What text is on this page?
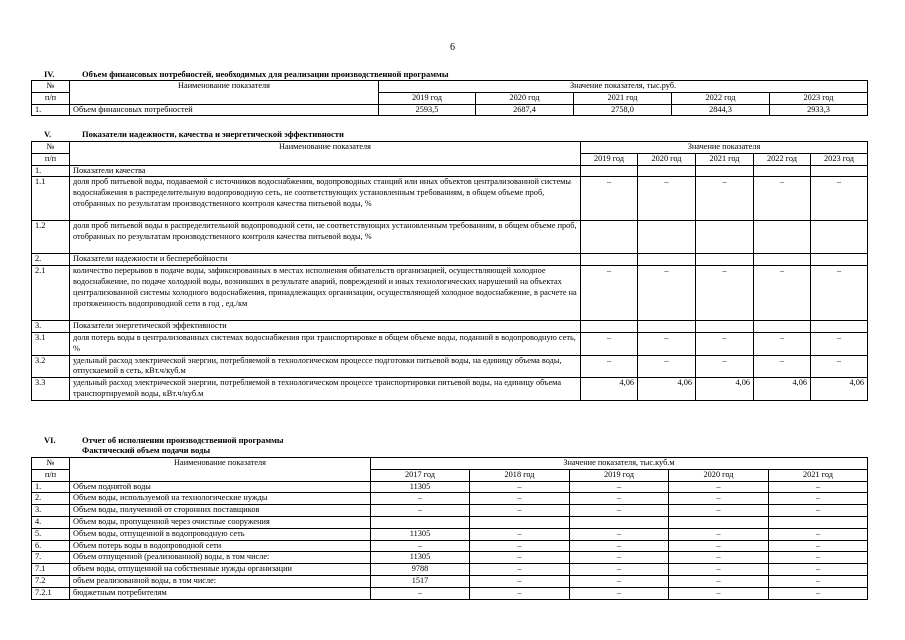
6
IV.	Объем финансовых потребностей, необходимых для реализации производственной программы
№	Наименование показателя	Значение показателя, тыс.руб.				
п/п		2019 год	2020 год	2021 год	2022 год	2023 год
1.	Объем финансовых потребностей	2593,5	2687,4	2758,0	2844,3	2933,3
V.	Показатели надежности, качества и энергетической эффективности
№	Наименование показателя	Значение показателя				
п/п		2019 год	2020 год	2021 год	2022 год	2023 год
1.	Показатели качества					
1.1	доля проб питьевой воды, подаваемой с источников водоснабжения, водопроводных станций или иных объектов централизованной системы водоснабжения в распределительную водопроводную сеть, не соответствующих установленным требованиям, в общем объеме проб, отобранных по результатам производственного контроля качества питьевой воды, %	–	–	–	–	–
1.2	доля проб питьевой воды в распределительной водопроводной сети, не соответствующих установленным требованиям, в общем объеме проб, отобранных по результатам производственного контроля качества питьевой воды, %					
2.	Показатели надежности и бесперебойности					
2.1	количество перерывов в подаче воды, зафиксированных в местах исполнения обязательств организацией, осуществляющей холодное водоснабжение, по подаче холодной воды, возникших в результате аварий, повреждений и иных технологических нарушений на объектах централизованной системы холодного водоснабжения, принадлежащих организации, осуществляющей холодное водоснабжение, в расчете на протяженность водопроводной сети в год , ед./км	–	–	–	–	–
3.	Показатели энергетической эффективности					
3.1	доля потерь воды в централизованных системах водоснабжения при транспортировке в общем объеме воды, поданной в водопроводную сеть, %	–	–	–	–	–
3.2	удельный расход электрической энергии, потребляемой в технологическом процессе подготовки питьевой воды, на единицу объема воды, отпускаемой в сеть, кВт.ч/куб.м	–	–	–	–	–
3.3	удельный расход электрической энергии, потребляемой в технологическом процессе транспортировки питьевой воды, на единицу объема транспортируемой воды, кВт.ч/куб.м	4,06	4,06	4,06	4,06	4,06
VI.	Отчет об исполнении производственной программы
Фактический объем подачи воды
№	Наименование показателя	Значение показателя, тыс.куб.м				
п/п		2017 год	2018 год	2019 год	2020 год	2021 год
1.	Объем поднятой воды	11305	–	–	–	–
2.	Объем воды, используемой на технологические нужды	–	–	–	–	–
3.	Объем воды, полученной от сторонних поставщиков	–	–	–	–	–
4.	Объем воды, пропущенной через очистные сооружения					
5.	Объем воды, отпущенной в водопроводную сеть	11305	–	–	–	–
6.	Объем потерь воды в водопроводной сети	–	–	–	–	–
7.	Объем отпущенной (реализованной) воды, в том числе:	11305	–	–	–	–
7.1	объем воды, отпущенной на собственные нужды организации	9788	–	–	–	–
7.2	объем реализованной воды, в том числе:	1517	–	–	–	–
7.2.1	бюджетным потребителям	–	–	–	–	–
